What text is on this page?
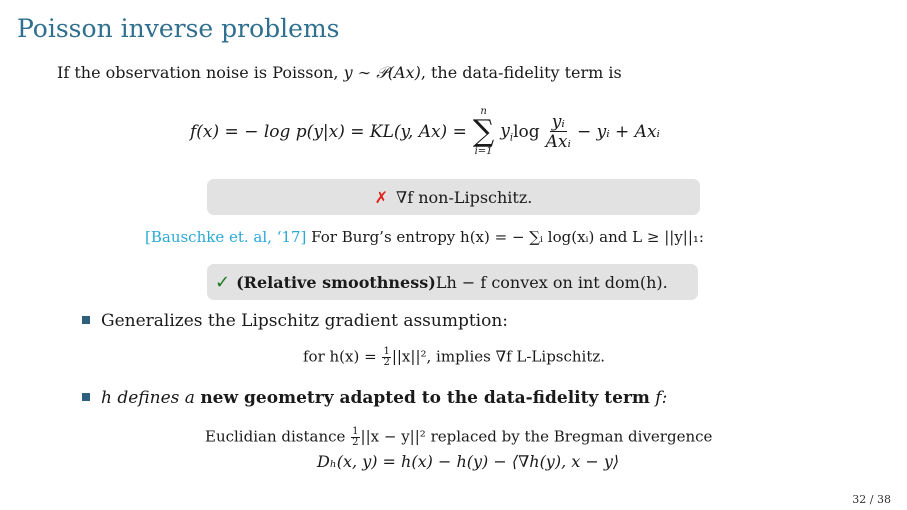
Poisson inverse problems
If the observation noise is Poisson, y ∼ 𝒫(Ax), the data-fidelity term is
f(x) = − log p(y|x) = KL(y, Ax) =
n
∑
i=1
$y_i$ $\log \frac{\text{yᵢ}}{\text{Axᵢ}}$ − yᵢ + Axᵢ
✗ ∇f non-Lipschitz.
[Bauschke et. al, ‘17] For Burg’s entropy h(x) = − ∑ᵢ log(xᵢ) and L ≥ ||y||₁:
✓ (Relative smoothness) Lh − f convex on int dom(h).
Generalizes the Lipschitz gradient assumption:
for $h(x) = \frac{1}{2} ||x||^2$, implies ∇f L-Lipschitz.
h defines a new geometry adapted to the data-fidelity term f:
Euclidian distance $\frac{1}{2} ||x - y||^2$ replaced by the Bregman divergence
Dₕ(x, y) = h(x) − h(y) − ⟨∇h(y), x − y⟩
32 / 38
